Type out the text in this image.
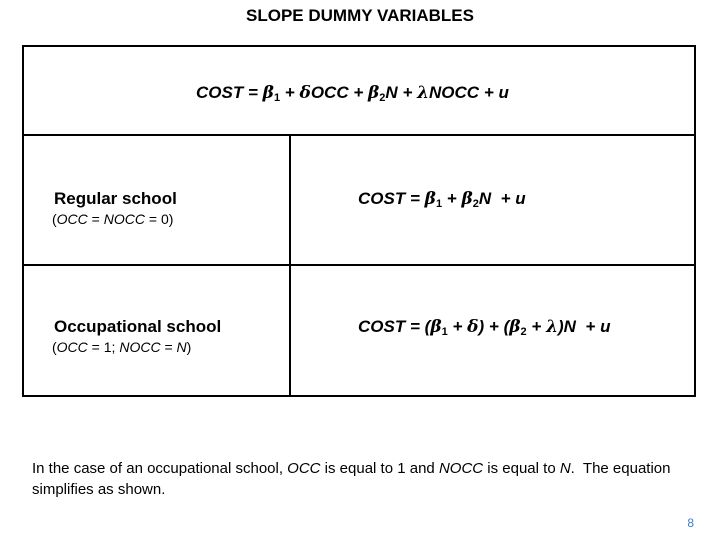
SLOPE DUMMY VARIABLES
COST = $\beta_1 + \delta OCC + \beta_2N$ + λNOCC + u
Regular school
(OCC = NOCC = 0)
COST = $\beta_1 + \beta_2N + u$
Occupational school
(OCC = 1; NOCC = N)
COST = $(\beta_1 + \delta) + (\beta_2 + \lambda)N + u$
In the case of an occupational school, OCC is equal to 1 and NOCC is equal to N.  The equation simplifies as shown.
8
